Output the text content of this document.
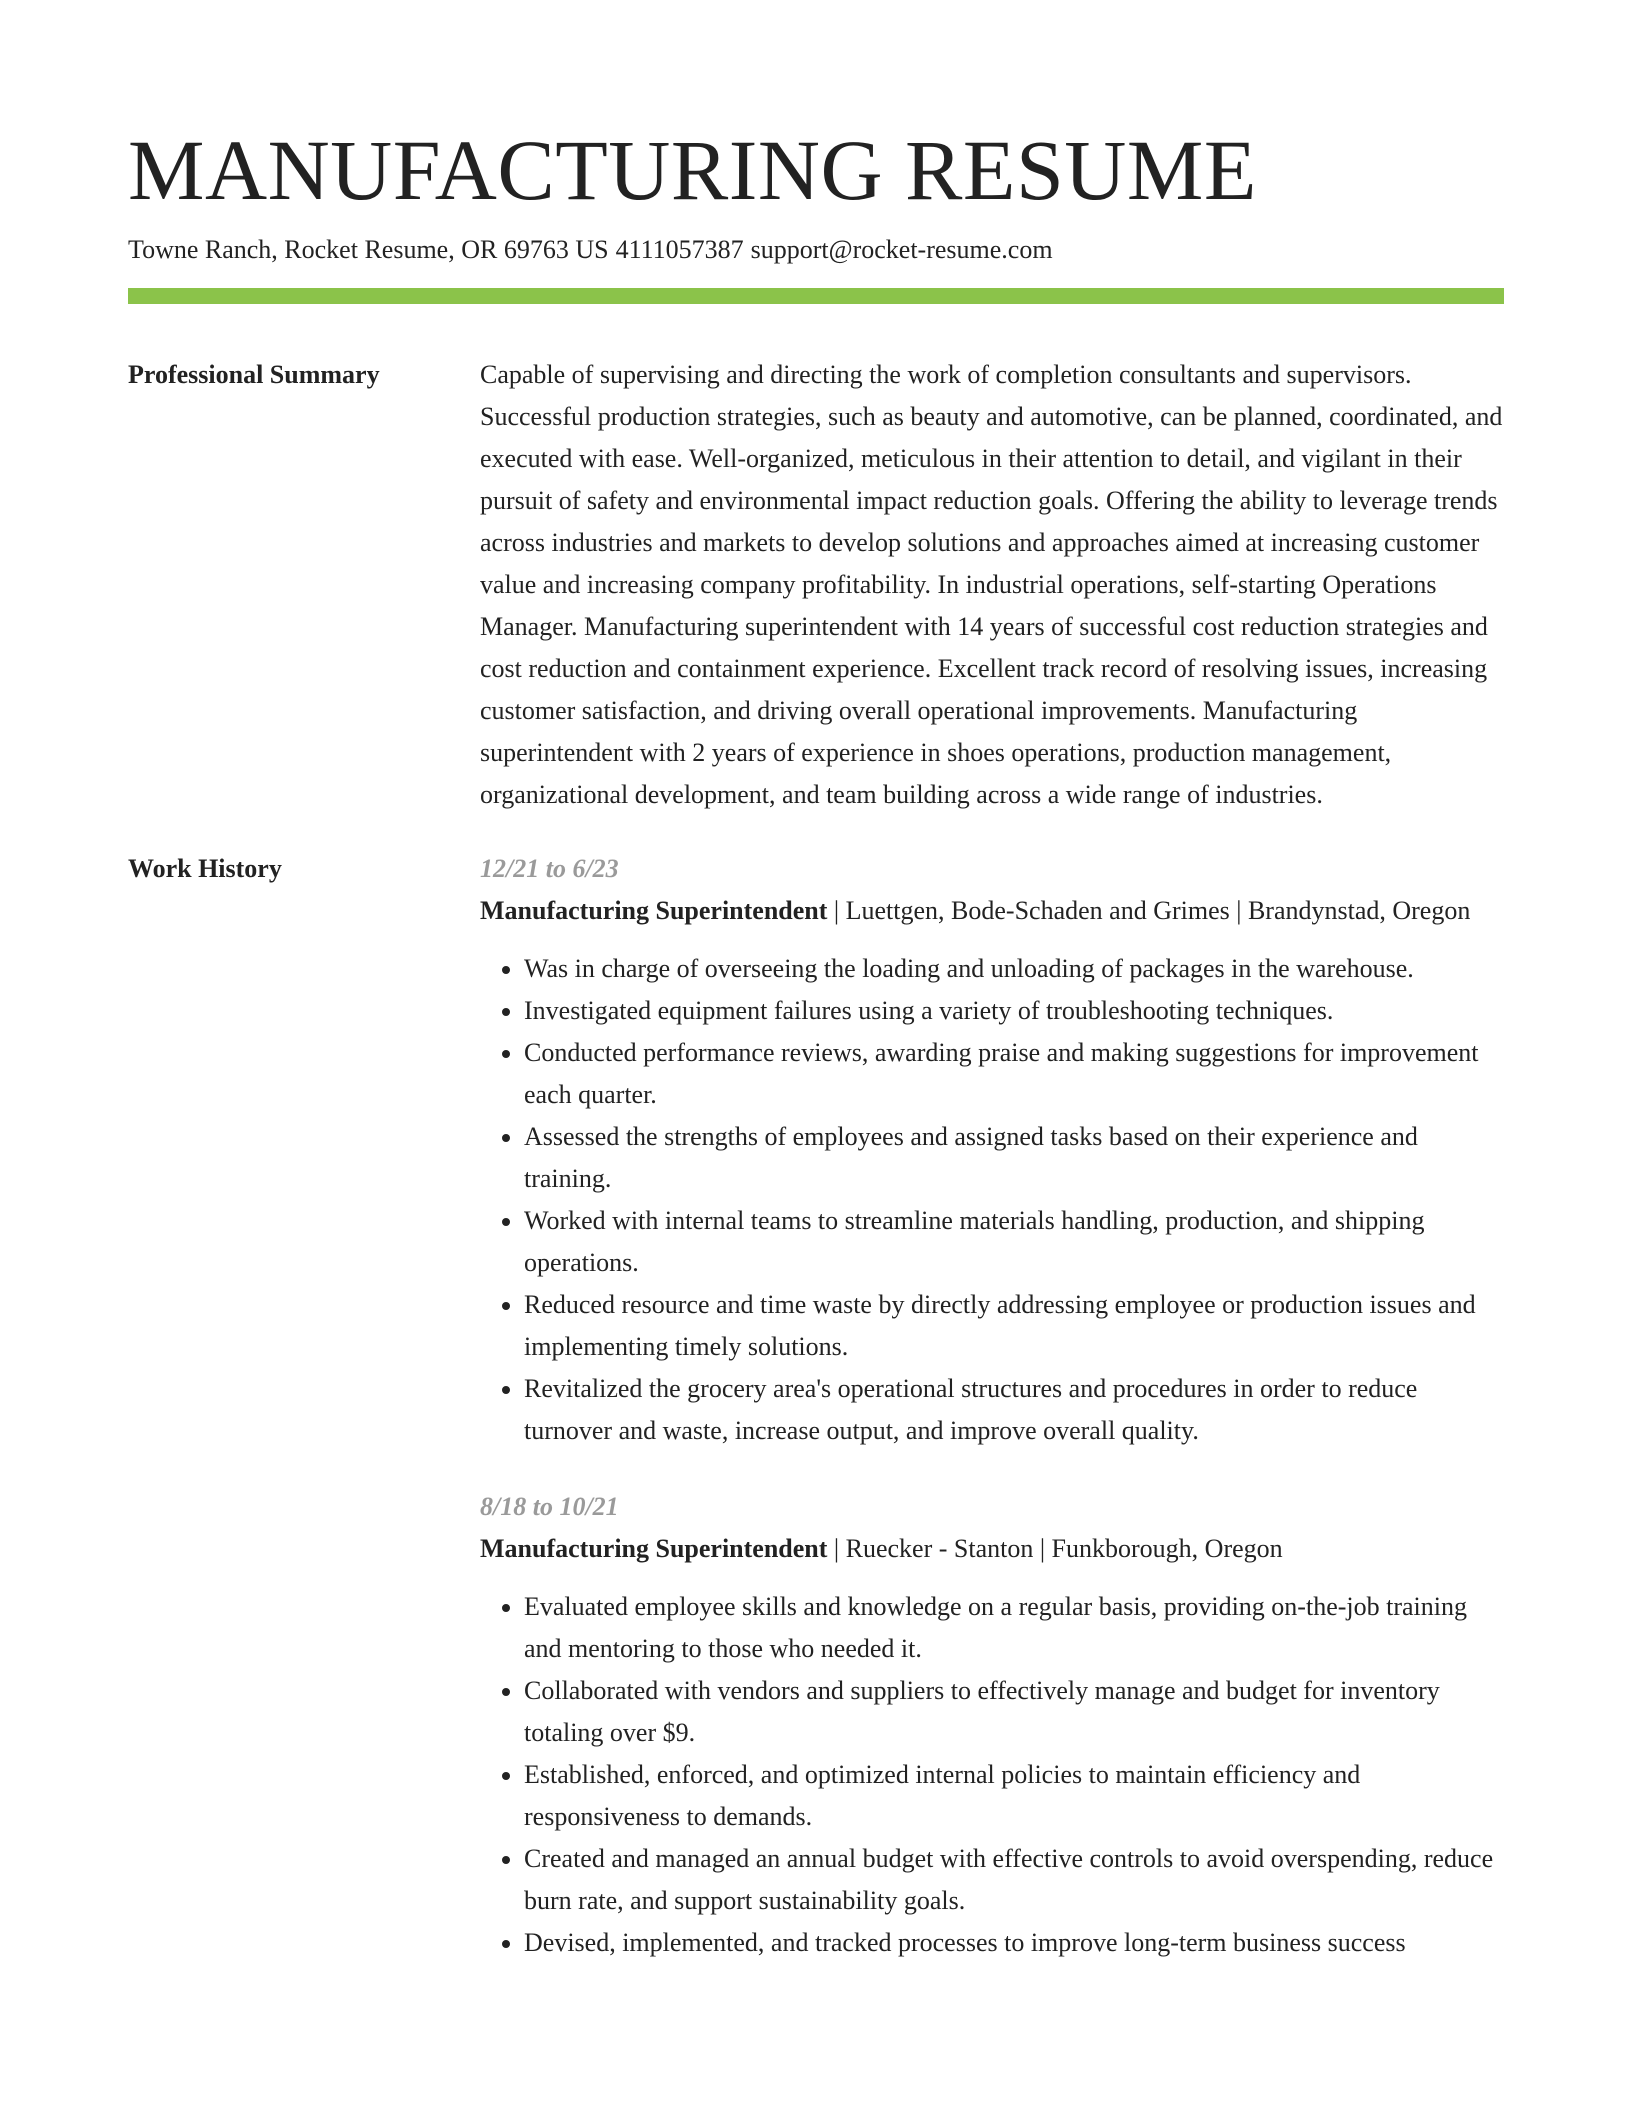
MANUFACTURING RESUME
Towne Ranch, Rocket Resume, OR 69763 US 4111057387 support@rocket-resume.com
Professional Summary	Capable of supervising and directing the work of completion consultants and supervisors. Successful production strategies, such as beauty and automotive, can be planned, coordinated, and executed with ease. Well-organized, meticulous in their attention to detail, and vigilant in their pursuit of safety and environmental impact reduction goals. Offering the ability to leverage trends across industries and markets to develop solutions and approaches aimed at increasing customer value and increasing company profitability. In industrial operations, self-starting Operations Manager. Manufacturing superintendent with 14 years of successful cost reduction strategies and cost reduction and containment experience. Excellent track record of resolving issues, increasing customer satisfaction, and driving overall operational improvements. Manufacturing superintendent with 2 years of experience in shoes operations, production management, organizational development, and team building across a wide range of industries.

Work History	12/21 to 6/23
Manufacturing Superintendent | Luettgen, Bode-Schaden and Grimes | Brandynstad, Oregon
• Was in charge of overseeing the loading and unloading of packages in the warehouse.
• Investigated equipment failures using a variety of troubleshooting techniques.
• Conducted performance reviews, awarding praise and making suggestions for improvement each quarter.
• Assessed the strengths of employees and assigned tasks based on their experience and training.
• Worked with internal teams to streamline materials handling, production, and shipping operations.
• Reduced resource and time waste by directly addressing employee or production issues and implementing timely solutions.
• Revitalized the grocery area's operational structures and procedures in order to reduce turnover and waste, increase output, and improve overall quality.
8/18 to 10/21
Manufacturing Superintendent | Ruecker - Stanton | Funkborough, Oregon
• Evaluated employee skills and knowledge on a regular basis, providing on-the-job training and mentoring to those who needed it.
• Collaborated with vendors and suppliers to effectively manage and budget for inventory totaling over $9.
• Established, enforced, and optimized internal policies to maintain efficiency and responsiveness to demands.
• Created and managed an annual budget with effective controls to avoid overspending, reduce burn rate, and support sustainability goals.
• Devised, implemented, and tracked processes to improve long-term business success
